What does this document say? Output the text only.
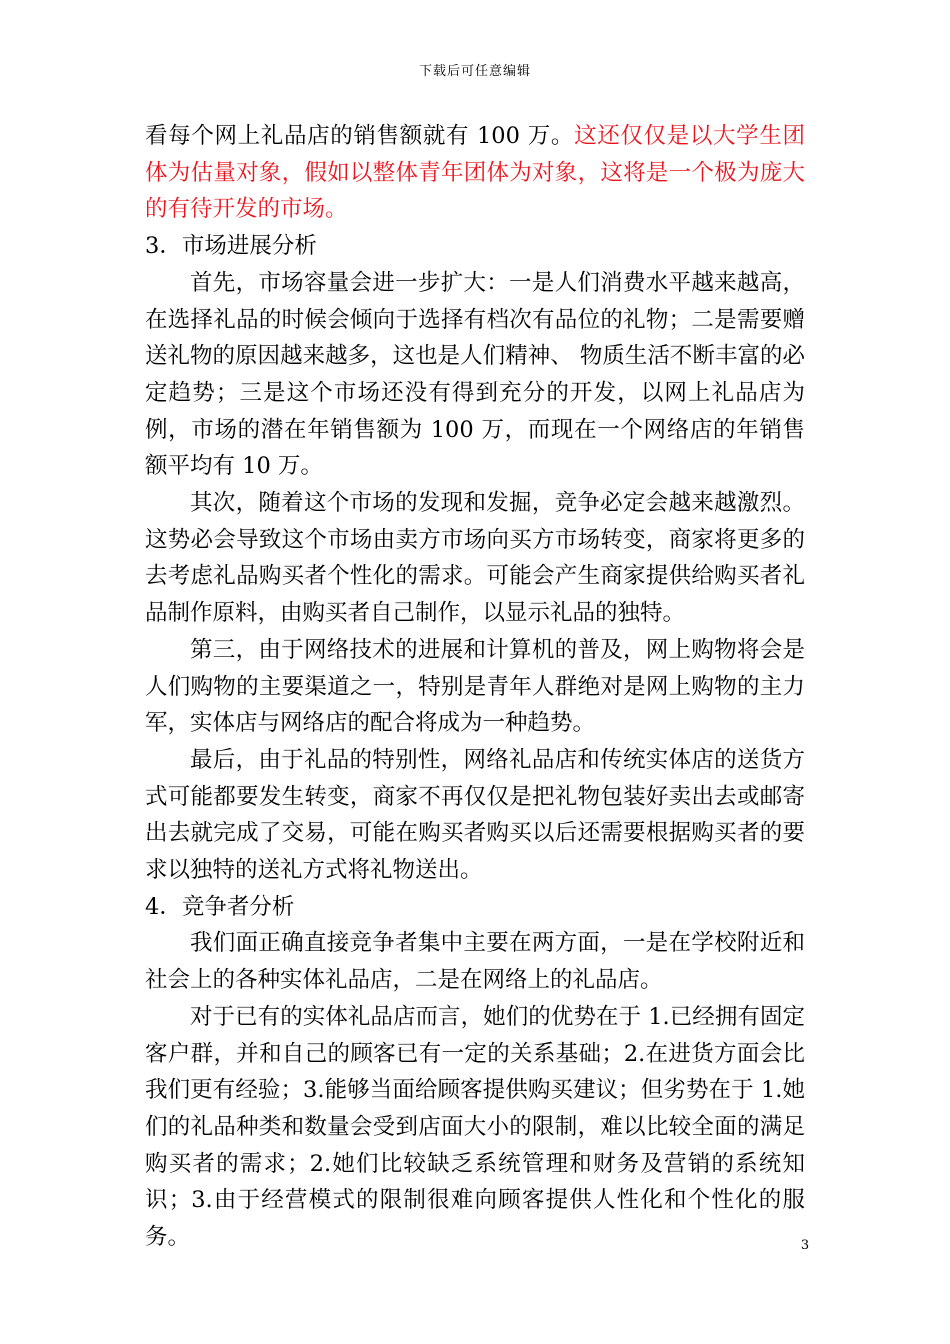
下载后可任意编辑

看每个网上礼品店的销售额就有 100 万。这还仅仅是以大学生团体为估量对象，假如以整体青年团体为对象，这将是一个极为庞大的有待开发的市场。

3．市场进展分析

首先，市场容量会进一步扩大：一是人们消费水平越来越高，在选择礼品的时候会倾向于选择有档次有品位的礼物；二是需要赠送礼物的原因越来越多，这也是人们精神、 物质生活不断丰富的必定趋势；三是这个市场还没有得到充分的开发，以网上礼品店为例，市场的潜在年销售额为 100 万，而现在一个网络店的年销售额平均有 10 万。

其次，随着这个市场的发现和发掘，竞争必定会越来越激烈。这势必会导致这个市场由卖方市场向买方市场转变，商家将更多的去考虑礼品购买者个性化的需求。可能会产生商家提供给购买者礼品制作原料，由购买者自己制作，以显示礼品的独特。

第三，由于网络技术的进展和计算机的普及，网上购物将会是人们购物的主要渠道之一，特别是青年人群绝对是网上购物的主力军，实体店与网络店的配合将成为一种趋势。

最后，由于礼品的特别性，网络礼品店和传统实体店的送货方式可能都要发生转变，商家不再仅仅是把礼物包装好卖出去或邮寄出去就完成了交易，可能在购买者购买以后还需要根据购买者的要求以独特的送礼方式将礼物送出。

4．竞争者分析

我们面正确直接竞争者集中主要在两方面，一是在学校附近和社会上的各种实体礼品店，二是在网络上的礼品店。

对于已有的实体礼品店而言，她们的优势在于 1.已经拥有固定客户群，并和自己的顾客已有一定的关系基础；2.在进货方面会比我们更有经验；3.能够当面给顾客提供购买建议；但劣势在于 1.她们的礼品种类和数量会受到店面大小的限制，难以比较全面的满足购买者的需求；2.她们比较缺乏系统管理和财务及营销的系统知识；3.由于经营模式的限制很难向顾客提供人性化和个性化的服务。	3
